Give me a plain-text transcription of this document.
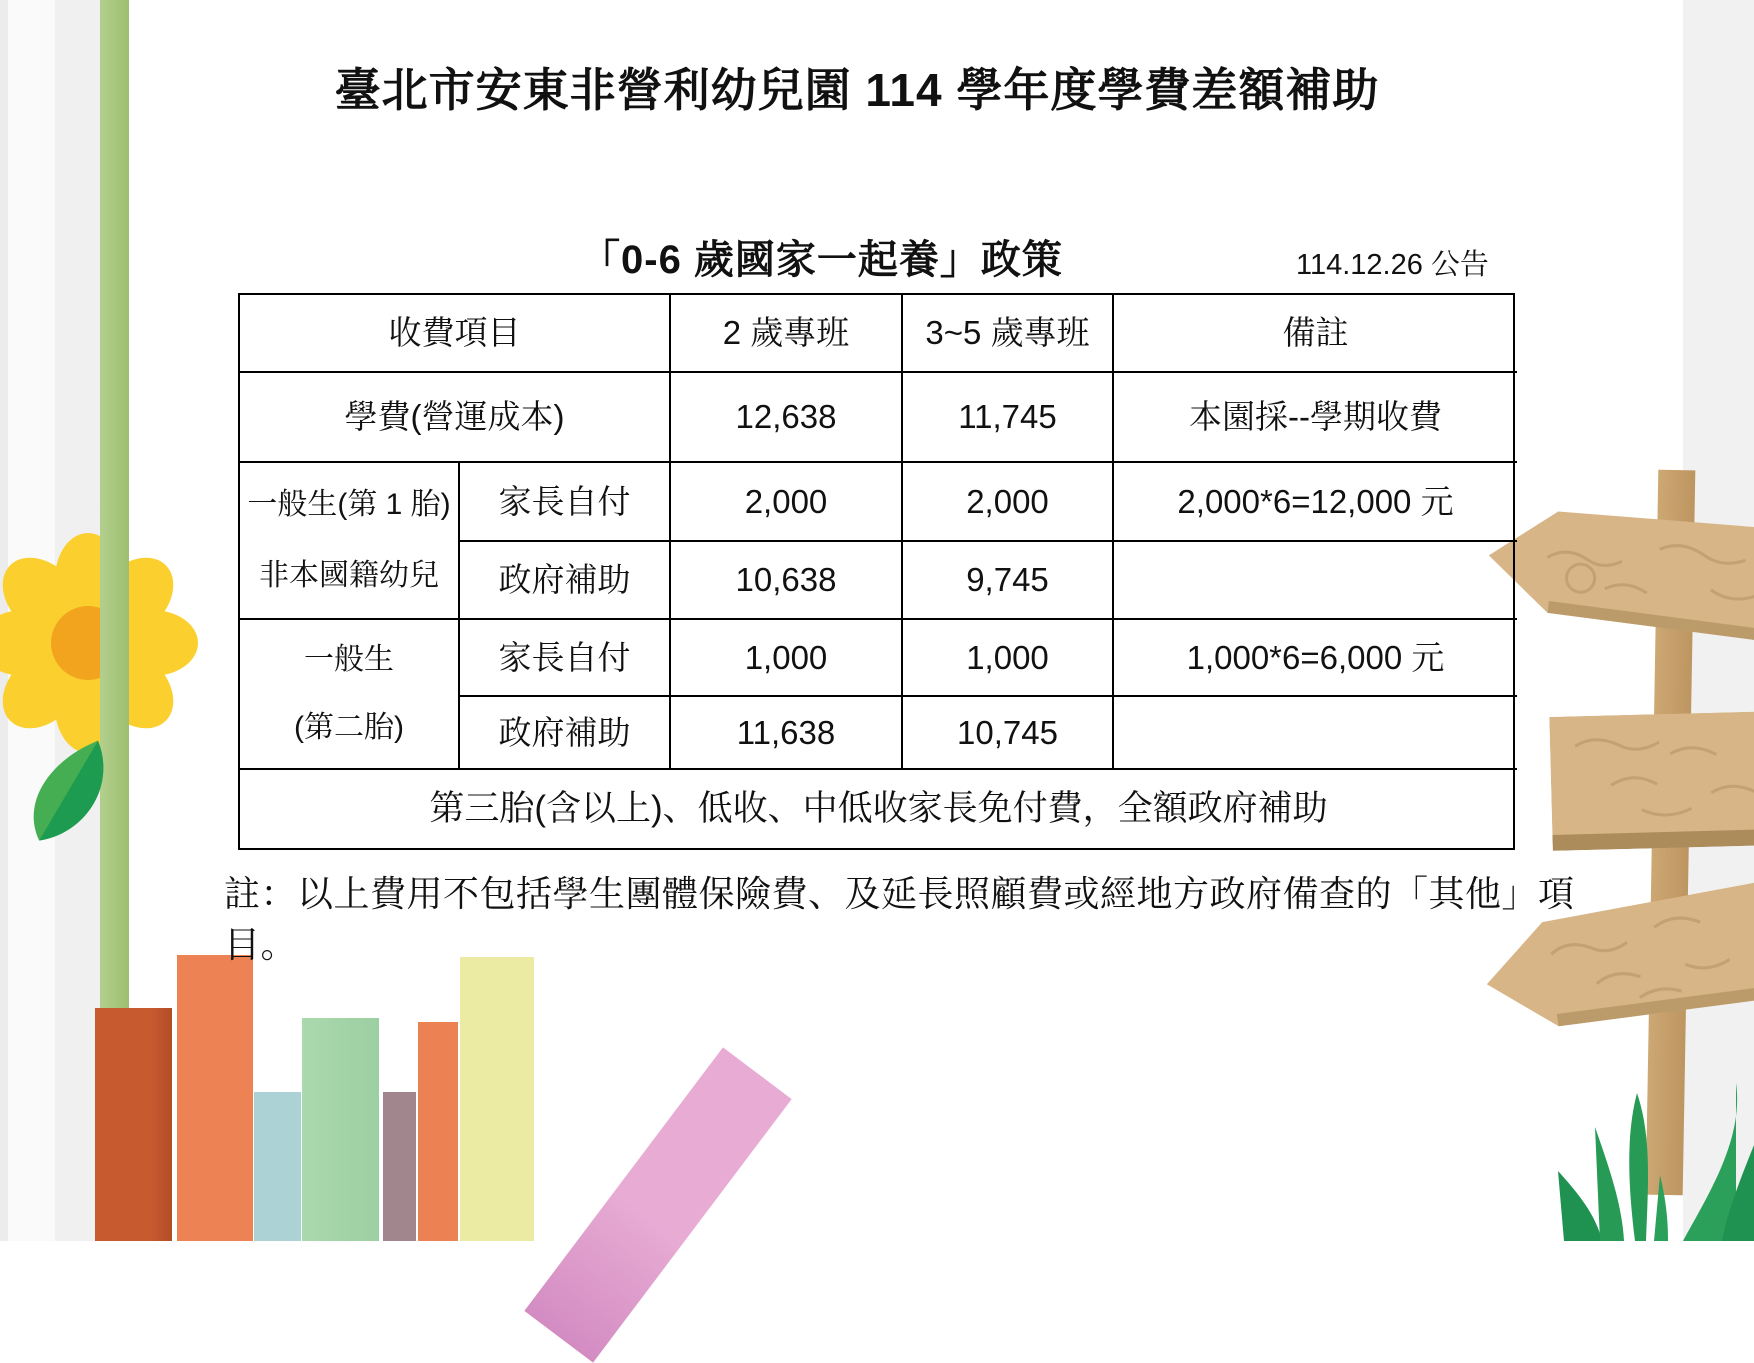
臺北市安東非營利幼兒園 114 學年度學費差額補助
「0-6 歲國家一起養」政策	114.12.26 公告
收費項目	2 歲專班	3~5 歲專班	備註
學費(營運成本)	12,638	11,745	本園採--學期收費
一般生(第 1 胎)
非本國籍幼兒
家長自付	2,000	2,000	2,000*6=12,000 元
政府補助	10,638	9,745
一般生
(第二胎)
家長自付	1,000	1,000	1,000*6=6,000 元
政府補助	11,638	10,745
第三胎(含以上)、低收、中低收家長免付費，全額政府補助
註：以上費用不包括學生團體保險費、及延長照顧費或經地方政府備查的「其他」項目。
